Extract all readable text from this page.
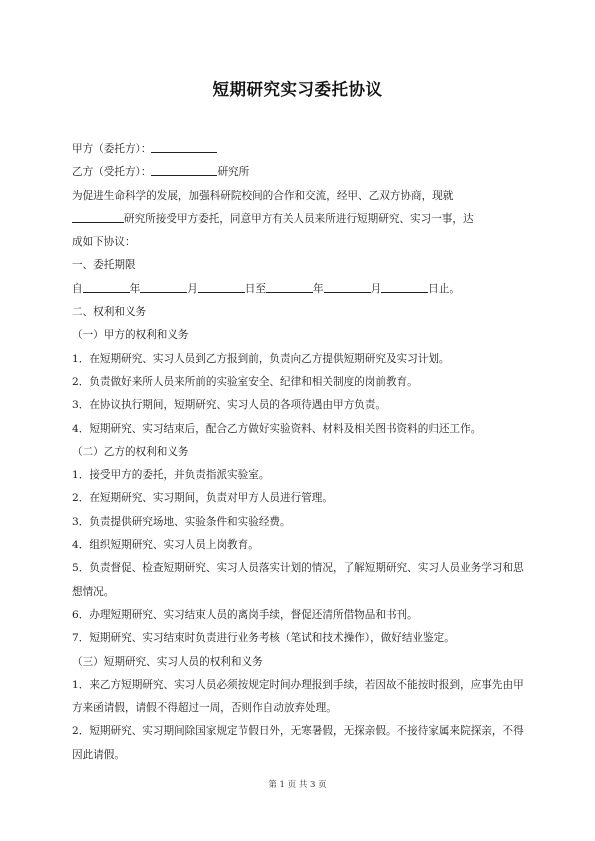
短期研究实习委托协议
甲方（委托方）：
乙方（受托方）：	研究所
为促进生命科学的发展，加强科研院校间的合作和交流，经甲、乙双方协商，现就
研究所接受甲方委托，同意甲方有关人员来所进行短期研究、实习一事，达
成如下协议：
一、委托期限
自	年	月	日至	年	月	日止。
二、权利和义务
（一）甲方的权利和义务
1．在短期研究、实习人员到乙方报到前，负责向乙方提供短期研究及实习计划。
2．负责做好来所人员来所前的实验室安全、纪律和相关制度的岗前教育。
3．在协议执行期间，短期研究、实习人员的各项待遇由甲方负责。
4．短期研究、实习结束后，配合乙方做好实验资料、材料及相关图书资料的归还工作。
（二）乙方的权利和义务
1．接受甲方的委托，并负责指派实验室。
2．在短期研究、实习期间，负责对甲方人员进行管理。
3．负责提供研究场地、实验条件和实验经费。
4．组织短期研究、实习人员上岗教育。
5．负责督促、检查短期研究、实习人员落实计划的情况，了解短期研究、实习人员业务学习和思想情况。
6．办理短期研究、实习结束人员的离岗手续，督促还清所借物品和书刊。
7．短期研究、实习结束时负责进行业务考核（笔试和技术操作），做好结业鉴定。
（三）短期研究、实习人员的权利和义务
1．来乙方短期研究、实习人员必须按规定时间办理报到手续，若因故不能按时报到，应事先由甲方来函请假，请假不得超过一周，否则作自动放弃处理。
2．短期研究、实习期间除国家规定节假日外，无寒暑假，无探亲假。不接待家属来院探亲，不得因此请假。
第 1 页 共 3 页
